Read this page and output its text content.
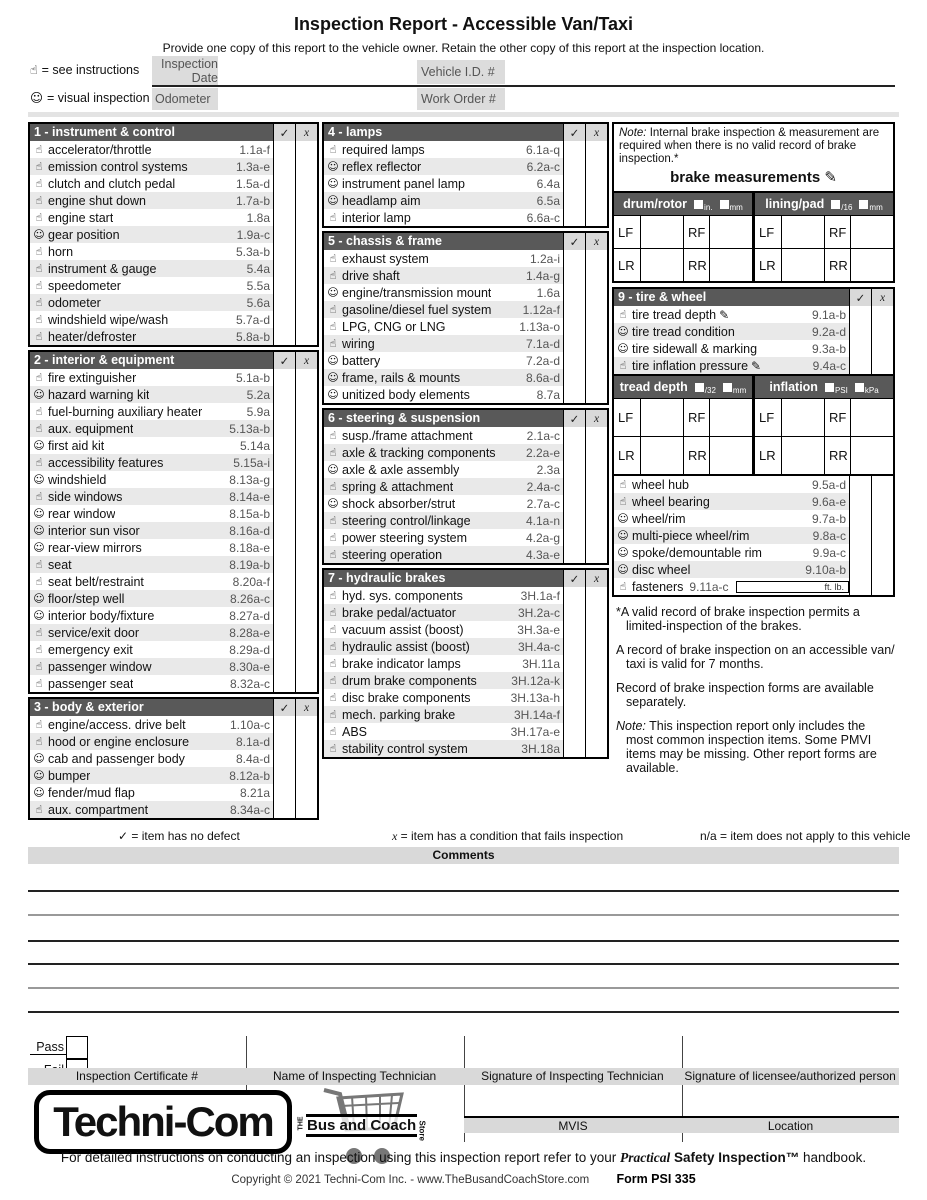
Inspection Report - Accessible Van/Taxi
Provide one copy of this report to the vehicle owner. Retain the other copy of this report at the inspection location.
☝ = see instructions
☺ = visual inspection
Inspection Date	Vehicle I.D. #
Odometer	Work Order #
1 - instrument & control	✓	x
☝ accelerator/throttle	1.1a-f
☝ emission control systems	1.3a-e
☝ clutch and clutch pedal	1.5a-d
☝ engine shut down	1.7a-b
☝ engine start	1.8a
☺ gear position	1.9a-c
☝ horn	5.3a-b
☝ instrument & gauge	5.4a
☝ speedometer	5.5a
☝ odometer	5.6a
☝ windshield wipe/wash	5.7a-d
☝ heater/defroster	5.8a-b
2 - interior & equipment	✓	x
☝ fire extinguisher	5.1a-b
☺ hazard warning kit	5.2a
☝ fuel-burning auxiliary heater	5.9a
☝ aux. equipment	5.13a-b
☺ first aid kit	5.14a
☝ accessibility features	5.15a-i
☺ windshield	8.13a-g
☝ side windows	8.14a-e
☺ rear window	8.15a-b
☺ interior sun visor	8.16a-d
☺ rear-view mirrors	8.18a-e
☝ seat	8.19a-b
☝ seat belt/restraint	8.20a-f
☺ floor/step well	8.26a-c
☺ interior body/fixture	8.27a-d
☝ service/exit door	8.28a-e
☝ emergency exit	8.29a-d
☝ passenger window	8.30a-e
☝ passenger seat	8.32a-c
3 - body & exterior	✓	x
☝ engine/access. drive belt	1.10a-c
☝ hood or engine enclosure	8.1a-d
☺ cab and passenger body	8.4a-d
☺ bumper	8.12a-b
☺ fender/mud flap	8.21a
☝ aux. compartment	8.34a-c
4 - lamps	✓	x
☝ required lamps	6.1a-q
☺ reflex reflector	6.2a-c
☺ instrument panel lamp	6.4a
☺ headlamp aim	6.5a
☝ interior lamp	6.6a-c
5 - chassis & frame	✓	x
☝ exhaust system	1.2a-i
☝ drive shaft	1.4a-g
☺ engine/transmission mount	1.6a
☝ gasoline/diesel fuel system	1.12a-f
☝ LPG, CNG or LNG	1.13a-o
☝ wiring	7.1a-d
☺ battery	7.2a-d
☺ frame, rails & mounts	8.6a-d
☺ unitized body elements	8.7a
6 - steering & suspension	✓	x
☝ susp./frame attachment	2.1a-c
☝ axle & tracking components	2.2a-e
☺ axle & axle assembly	2.3a
☝ spring & attachment	2.4a-c
☺ shock absorber/strut	2.7a-c
☝ steering control/linkage	4.1a-n
☝ power steering system	4.2a-g
☝ steering operation	4.3a-e
7 - hydraulic brakes	✓	x
☝ hyd. sys. components	3H.1a-f
☝ brake pedal/actuator	3H.2a-c
☝ vacuum assist (boost)	3H.3a-e
☝ hydraulic assist (boost)	3H.4a-c
☝ brake indicator lamps	3H.11a
☝ drum brake components	3H.12a-k
☝ disc brake components	3H.13a-h
☝ mech. parking brake	3H.14a-f
☝ ABS	3H.17a-e
☝ stability control system	3H.18a
Note: Internal brake inspection & measurement are required when there is no valid record of brake inspection.*
brake measurements ✎
drum/rotor in. mm
LF	RF
LR	RR
lining/pad /16 mm
LF	RF
LR	RR
9 - tire & wheel	✓	x
☝ tire tread depth ✎	9.1a-b
☺ tire tread condition	9.2a-d
☺ tire sidewall & marking	9.3a-b
☝ tire inflation pressure ✎	9.4a-c
tread depth /32 mm
LF	RF
LR	RR
inflation PSI kPa
LF	RF
LR	RR
☝ wheel hub	9.5a-d
☝ wheel bearing	9.6a-e
☺ wheel/rim	9.7a-b
☺ multi-piece wheel/rim	9.8a-c
☺ spoke/demountable rim	9.9a-c
☺ disc wheel	9.10a-b
☝ fasteners 9.11a-c	ft. lb.

*A valid record of brake inspection permits a limited-inspection of the brakes.

A record of brake inspection on an accessible van/ taxi is valid for 7 months.

Record of brake inspection forms are available separately.

Note: This inspection report only includes the most common inspection items. Some PMVI items may be missing. Other report forms are available.

✓ = item has no defect	x = item has a condition that fails inspection	n/a = item does not apply to this vehicle
Comments
Pass
Inspection Certificate #	Name of Inspecting Technician	Signature of Inspecting Technician	Signature of licensee/authorized person
MVIS	Location
Techni-Com	THE Bus and Coach Store
For detailed instructions on conducting an inspection using this inspection report refer to your Practical Safety Inspection™ handbook.
Copyright © 2021 Techni-Com Inc. - www.TheBusandCoachStore.com Form PSI 335
